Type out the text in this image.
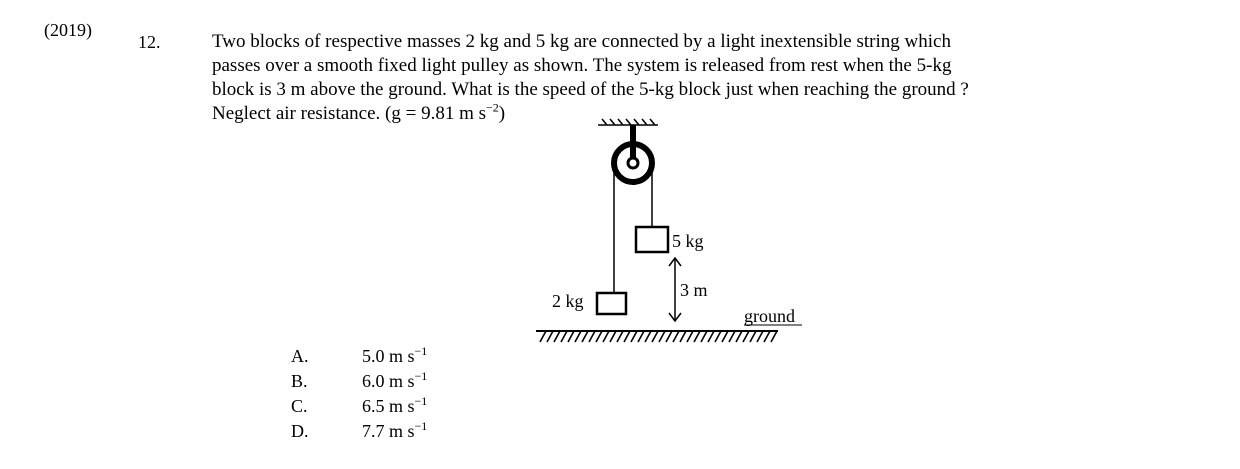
(2019)
12.	Two blocks of respective masses 2 kg and 5 kg are connected by a light inextensible string which
passes over a smooth fixed light pulley as shown. The system is released from rest when the 5-kg
block is 3 m above the ground. What is the speed of the 5-kg block just when reaching the ground ?
Neglect air resistance. (g = 9.81 m $s^{-2}$)
5 kg
2 kg
3 m
ground
A.	5.0 m $s^{-1}$
B.	6.0 m $s^{-1}$
C.	6.5 m $s^{-1}$
D.	7.7 m $s^{-1}$
